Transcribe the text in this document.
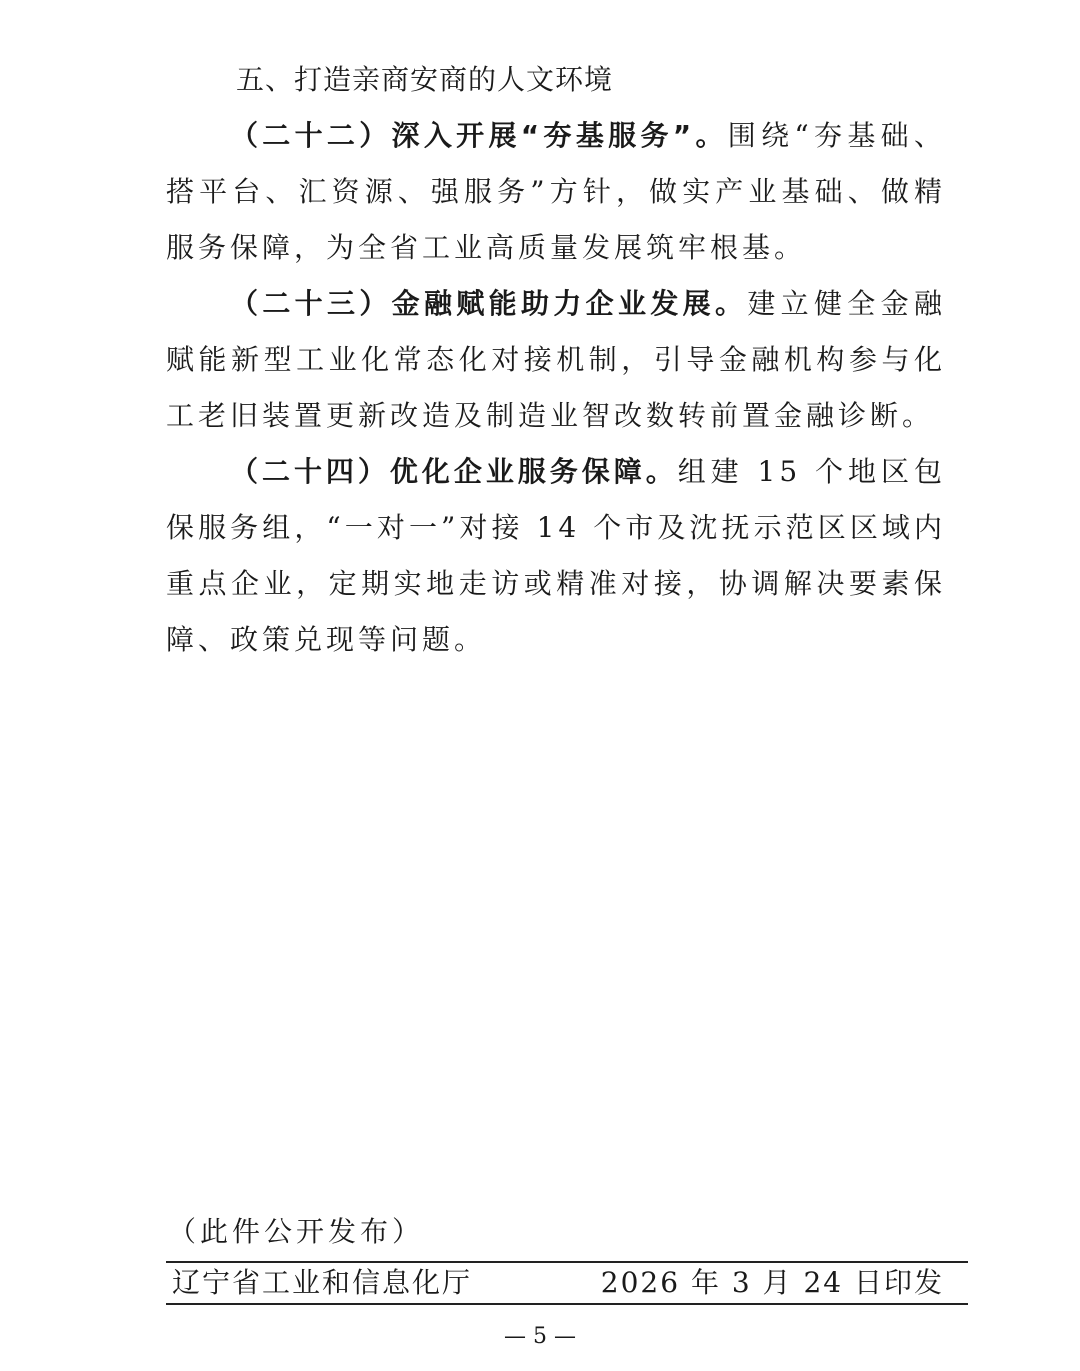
五、打造亲商安商的人文环境

（二十二）深入开展“夯基服务”。围绕“夯基础、搭平台、汇资源、强服务”方针，做实产业基础、做精服务保障，为全省工业高质量发展筑牢根基。

（二十三）金融赋能助力企业发展。建立健全金融赋能新型工业化常态化对接机制，引导金融机构参与化工老旧装置更新改造及制造业智改数转前置金融诊断。

（二十四）优化企业服务保障。组建 15 个地区包保服务组，“一对一”对接 14 个市及沈抚示范区区域内重点企业，定期实地走访或精准对接，协调解决要素保障、政策兑现等问题。

（此件公开发布）
辽宁省工业和信息化厅	2026 年 3 月 24 日印发
— 5 —
